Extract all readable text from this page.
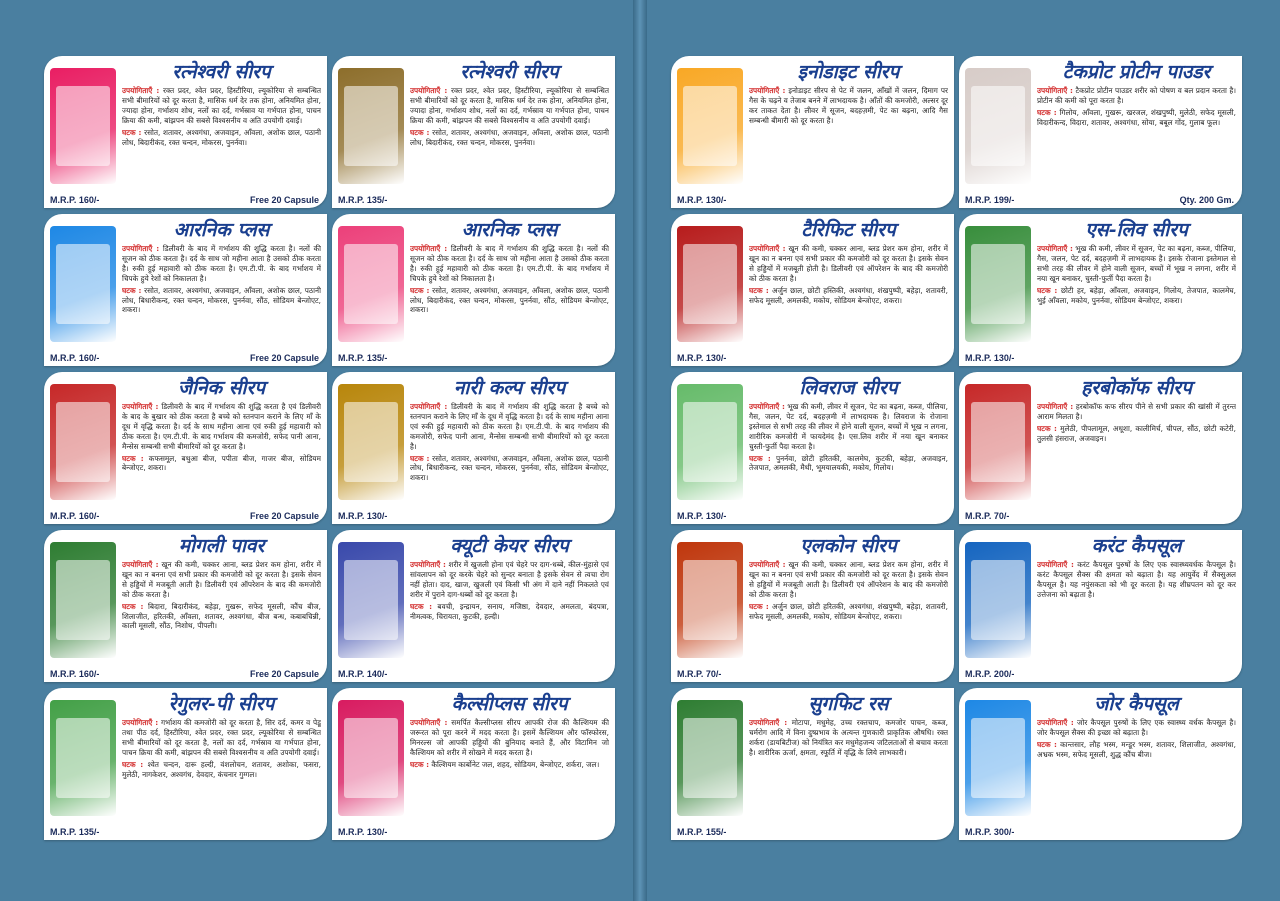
रत्नेश्वरी सीरप
उपयोगिताएँ : रक्त प्रदर, श्वेत प्रदर, हिस्टीरिया, ल्यूकोरिया से सम्बन्धित सभी बीमारियों को दूर करता है, मासिक धर्म देर तक होना, अनियमित होना, ज्यादा होना, गर्भाशय शोथ, नलों का दर्द, गर्भस्राव या गर्भपात होना, पाचन क्रिया की कमी, बांझपन की सबसे विश्वसनीय व अति उपयोगी दवाई।
घटक : रसोत, शतावर, अश्वगंधा, अजवाइन, आँवला, अशोक छाल, पठानी लोध, बिदारीकंद, रक्त चन्दन, मोकरस, पुनर्नवा।
M.R.P. 160/-	Free 20 Capsule
रत्नेश्वरी सीरप
उपयोगिताएँ : रक्त प्रदर, श्वेत प्रदर, हिस्टीरिया, ल्यूकोरिया से सम्बन्धित सभी बीमारियों को दूर करता है, मासिक धर्म देर तक होना, अनियमित होना, ज्यादा होना, गर्भाशय शोथ, नलों का दर्द, गर्भस्राव या गर्भपात होना, पाचन क्रिया की कमी, बांझपन की सबसे विश्वसनीय व अति उपयोगी दवाई।
घटक : रसोत, शतावर, अश्वगंधा, अजवाइन, आँवला, अशोक छाल, पठानी लोध, बिदारीकंद, रक्त चन्दन, मोकरस, पुनर्नवा।
M.R.P. 135/-
आरनिक प्लस
उपयोगिताएँ : डिलीवरी के बाद में गर्भाशय की शुद्धि करता है। नलों की सूजन को ठीक करता है। दर्द के साथ जो महीना आता है उसको ठीक करता है। रुकी हुई महावारी को ठीक करता है। एम.टी.पी. के बाद गर्भाशय में चिपके हुये रेशों को निकालता है।
घटक : रसोत, शतावर, अश्वगंधा, अजवाइन, आँवला, अशोक छाल, पठानी लोध, बिधारीकन्द, रक्त चन्दन, मोकरस, पुनर्नवा, सौंठ, सोडियम बेन्जोएट, शकरा।
M.R.P. 160/-	Free 20 Capsule
आरनिक प्लस
उपयोगिताएँ : डिलीवरी के बाद में गर्भाशय की शुद्धि करता है। नलों की सूजन को ठीक करता है। दर्द के साथ जो महीना आता है उसको ठीक करता है। रुकी हुई महावारी को ठीक करता है। एम.टी.पी. के बाद गर्भाशय में चिपके हुये रेशों को निकालता है।
घटक : रसोत, शतावर, अश्वगंधा, अजवाइन, आँवला, अशोक छाल, पठानी लोध, बिदारीकंद, रक्त चन्दन, मोकरस, पुनर्नवा, सौंठ, सोडियम बेन्जोएट, शकरा।
M.R.P. 135/-
जैनिक सीरप
उपयोगिताएँ : डिलीवरी के बाद में गर्भाशय की शुद्धि करता है एवं डिलीवरी के बाद के बुखार को ठीक करता है बच्चे को स्तनपान कराने के लिए माँ के दूध में वृद्धि करता है। दर्द के साथ महीना आना एवं रुकी हुई महावारी को ठीक करता है। एम.टी.पी. के बाद गर्भाशय की कमजोरी, सफेद पानी आना, मैन्सेस सम्बन्धी सभी बीमारियों को दूर करता है।
घटक : कफसमूल, बथुआ बीज, पपीता बीज, गाजर बीज, सोडियम बेन्जोएट, शकरा।
M.R.P. 160/-	Free 20 Capsule
नारी कल्प सीरप
उपयोगिताएँ : डिलीवरी के बाद में गर्भाशय की शुद्धि करता है बच्चे को स्तनपान कराने के लिए माँ के दूध में वृद्धि करता है। दर्द के साथ महीना आना एवं रुकी हुई महावारी को ठीक करता है। एम.टी.पी. के बाद गर्भाशय की कमजोरी, सफेद पानी आना, मैन्सेस सम्बन्धी सभी बीमारियों को दूर करता है।
घटक : रसोत, शतावर, अश्वगंधा, अजवाइन, आँवला, अशोक छाल, पठानी लोध, बिधारीकन्द, रक्त चन्दन, मोकरस, पुनर्नवा, सौंठ, सोडियम बेन्जोएट, शकरा।
M.R.P. 130/-
मोगली पावर
उपयोगिताएँ : खून की कमी, चक्कर आना, ब्लड प्रेशर कम होना, शरीर में खून का न बनना एवं सभी प्रकार की कमजोरी को दूर करता है। इसके सेवन से हड्डियों में मजबूती आती है। डिलीवरी एवं ऑपरेशन के बाद की कमजोरी को ठीक करता है।
घटक : बिदारा, बिदारीकंद, बहेड़ा, गुखरू, सफेद मूसली, कौंच बीज, शिलाजीत, हरितकी, आँवला, शतावर, अश्वगंधा, बीज बन्ध, कबाबचिन्नी, काली मूसली, सौंठ, निशोथ, पीपली।
M.R.P. 160/-	Free 20 Capsule
क्यूटी केयर सीरप
उपयोगिताएँ : शरीर में खुजली होना एवं चेहरे पर दाग-धब्बे, कील-मुंहासे एवं सांवलापन को दूर करके चेहरे को सुन्दर बनाता है इसके सेवन से त्वचा रोग नहीं होता। दाद, खाज, खुजली एवं किसी भी अंग में दाने नहीं निकलते एवं शरीर में पुराने दाग-धब्बों को दूर करता है।
घटक : बवची, इन्द्रायन, सनाय, मजिष्ठा, देवदार, अमलता, बंदपत्रा, नीमत्वक, चिरायता, कुटकी, हल्दी।
M.R.P. 140/-
रेगुलर-पी सीरप
उपयोगिताएँ : गर्भाशय की कमजोरी को दूर करता है, सिर दर्द, कमर व पेडू तथा पीठ दर्द, हिस्टीरिया, श्वेत प्रदर, रक्त प्रदर, ल्यूकोरिया से सम्बन्धित सभी बीमारियों को दूर करता है, नलों का दर्द, गर्भस्राव या गर्भपात होना, पाचन क्रिया की कमी, बांझपन की सबसे विश्वसनीय व अति उपयोगी दवाई।
घटक : श्वेत चन्दन, दारू हल्दी, वंशलोचन, शतावर, अशोका, फसरा, मुलेठी, नागकेशर, अश्वगंध, देवदार, कंचनार गुग्गल।
M.R.P. 135/-
कैल्सीप्लस सीरप
उपयोगिताएँ : समर्पित कैल्सीप्लस सीरप आपकी रोज की कैल्शियम की जरूरत को पूरा करने में मदद करता है। इसमें कैल्शियम और फॉस्फोरस, मिनरल्स जो आपकी हड्डियों की बुनियाद बनाते हैं, और विटामिन जो कैल्शियम को शरीर में सोखने में मदद करता है।
घटक : कैल्शियम कार्बोनेट जल, शहद, सोडियम, बेन्जोएट, शर्करा, जल।
M.R.P. 130/-
इनोडाइट सीरप
उपयोगिताएँ : इनोडाइट सीरप से पेट में जलन, आँखों में जलन, दिमाग पर गैस के चढ़ने व तेजाब बनने में लाभदायक है। आँतों की कमजोरी, अल्सर दूर कर ताकत देता है। लीवर में सूजन, बदहज़मी, पेट का बढ़ना, आदि गैस सम्बन्धी बीमारी को दूर करता है।
M.R.P. 130/-
टैकप्रोट प्रोटीन पाउडर
उपयोगिताएँ : टैकप्रोट प्रोटीन पाउडर शरीर को पोषण व बल प्रदान करता है। प्रोटीन की कमी को पूरा करता है।
घटक : गिलोय, आँवला, गुखरू, खरजल, शंखपुष्पी, मुलेठी, सफेद मूसली, विदारीकन्द, विदारा, शतावर, अश्वगंधा, सोया, बबूल गोंद, गुलाब फूल।
M.R.P. 199/-	Qty. 200 Gm.
टैरिफिट सीरप
उपयोगिताएँ : खून की कमी, चक्कर आना, ब्लड प्रेशर कम होना, शरीर में खून का न बनना एवं सभी प्रकार की कमजोरी को दूर करता है। इसके सेवन से हड्डियों में मजबूती होती है। डिलीवरी एवं ऑपरेशन के बाद की कमजोरी को ठीक करता है।
घटक : अर्जुन छाल, छोटी हस्तिकी, अश्वगंधा, शंखपुष्पी, बहेड़ा, शतावरी, सफेद मूसली, अमलकी, मकोय, सोडियम बेन्जोएट, शकरा।
M.R.P. 130/-
एस-लिव सीरप
उपयोगिताएँ : भूख की कमी, लीवर में सूजन, पेट का बढ़ना, कब्ज, पीलिया, गैस, जलन, पेट दर्द, बदहज़मी में लाभदायक है। इसके रोजाना इस्तेमाल से सभी तरह की लीवर में होने वाली सूजन, बच्चों में भूख न लगना, शरीर में नया खून बनाकर, चुस्ती-फुर्ती पैदा करता है।
घटक : छोटी हर, बहेड़ा, आँवला, अजवाइन, गिलोय, तेजपात, कालमेघ, भुई आँवला, मकोय, पुनर्नवा, सोडियम बेन्जोएट, शकरा।
M.R.P. 130/-
लिवराज सीरप
उपयोगिताएँ : भूख की कमी, लीवर में सूजन, पेट का बढ़ना, कब्ज, पीलिया, गैस, जलन, पेट दर्द, बदहज़मी में लाभदायक है। लिवराज के रोजाना इस्तेमाल से सभी तरह की लीवर में होने वाली सूजन, बच्चों में भूख न लगना, शारीरिक कमजोरी में फायदेमंद है। एस.लिव शरीर में नया खून बनाकर चुस्ती-फुर्ती पैदा करता है।
घटक : पुनर्नवा, छोटी हरितकी, कालमेघ, कुटकी, बहेड़ा, अजवाइन, तेजपात, अमलकी, मैथी, भूमयालयकी, मकोय, गिलोय।
M.R.P. 130/-
हरबोकॉफ सीरप
उपयोगिताएँ : हरबोकॉफ कफ सीरप पीने से सभी प्रकार की खांसी में तुरन्त आराम मिलता है।
घटक : मुलेठी, पीपलामूल, अधूशा, कालीमिर्च, चीपल, सौंठ, छोटी कटेरी, तुलसी हंसराज, अजवाइन।
M.R.P. 70/-
एलकोन सीरप
उपयोगिताएँ : खून की कमी, चक्कर आना, ब्लड प्रेशर कम होना, शरीर में खून का न बनना एवं सभी प्रकार की कमजोरी को दूर करता है। इसके सेवन से हड्डियों में मजबूती आती है। डिलीवरी एवं ऑपरेशन के बाद की कमजोरी को ठीक करता है।
घटक : अर्जुन छाल, छोटी हरितकी, अश्वगंधा, शंखपुष्पी, बहेड़ा, शतावरी, सफेद मूसली, अमलकी, मकोय, सोडियम बेन्जोएट, शकरा।
M.R.P. 70/-
करंट कैपसूल
उपयोगिताएँ : करंट कैपसूल पुरुषों के लिए एक स्वास्थ्यवर्धक कैपसूल है। करंट कैपसूल सैक्स की क्षमता को बढ़ाता है। यह आयुर्वेद में सैक्सुअल कैपसूल है। यह नपुंसकता को भी दूर करता है। यह शीघ्रपतन को दूर कर उत्तेजना को बढ़ाता है।
M.R.P. 200/-
सुगफिट रस
उपयोगिताएँ : मोटापा, मधुमेह, उच्च रक्तचाप, कमजोर पाचन, कब्ज, चर्मरोग आदि में विना दुष्प्रभाव के अत्यन्त गुणकारी प्राकृतिक औषधि। रक्त शर्करा (डायबिटीज) को नियंत्रित कर मधुमेहजन्य जटिलताओं से बचाव करता है। शारीरिक ऊर्जा, क्षमता, स्फूर्ति में वृद्धि के लिये लाभकारी।
M.R.P. 155/-
जोर कैपसूल
उपयोगिताएँ : जोर कैपसूल पुरुषों के लिए एक स्वास्थ्य वर्धक कैपसूल है। जोर कैपसूल सैक्स की इच्छा को बढ़ाता है।
घटक : कान्तसार, लौह भस्म, मन्डूर भस्म, शतावर, शिलाजीत, अश्वगंधा, अभ्रक भस्म, सफेद मूसली, शुद्ध कौंच बीज।
M.R.P. 300/-
